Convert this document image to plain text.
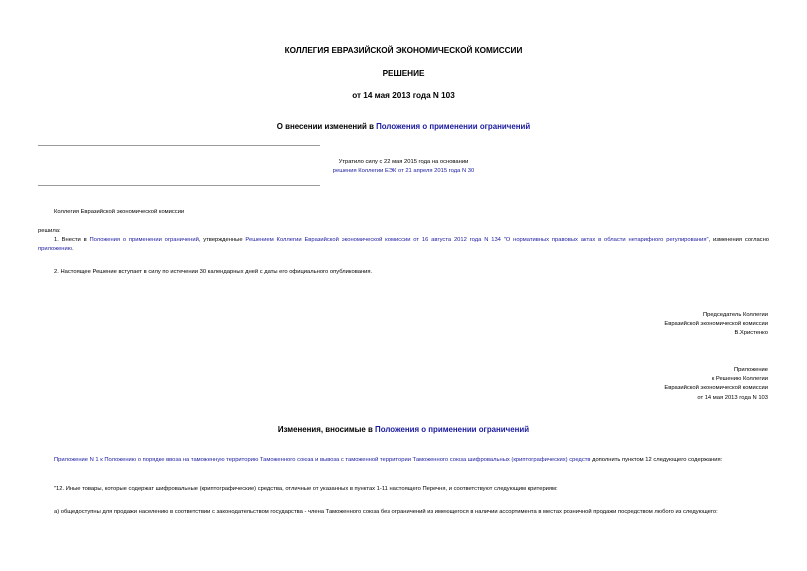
КОЛЛЕГИЯ ЕВРАЗИЙСКОЙ ЭКОНОМИЧЕСКОЙ КОМИССИИ
РЕШЕНИЕ
от 14 мая 2013 года N 103
О внесении изменений в Положения о применении ограничений
Утратило силу с 22 мая 2015 года на основании
решения Коллегии ЕЭК от 21 апреля 2015 года N 30
Коллегия Евразийской экономической комиссии
решила:
1. Внести в Положения о применении ограничений, утвержденные Решением Коллегии Евразийской экономической комиссии от 16 августа 2012 года N 134 "О нормативных правовых актах в области нетарифного регулирования", изменения согласно приложению.
2. Настоящее Решение вступает в силу по истечении 30 календарных дней с даты его официального опубликования.
Председатель Коллегии
Евразийской экономической комиссии
В.Христенко
Приложение
к Решению Коллегии
Евразийской экономической комиссии
от 14 мая 2013 года N 103
Изменения, вносимые в Положения о применении ограничений
Приложение N 1 к Положению о порядке ввоза на таможенную территорию Таможенного союза и вывоза с таможенной территории Таможенного союза шифровальных (криптографических) средств дополнить пунктом 12 следующего содержания:
"12. Иные товары, которые содержат шифровальные (криптографические) средства, отличные от указанных в пунктах 1-11 настоящего Перечня, и соответствуют следующим критериям:
а) общедоступны для продажи населению в соответствии с законодательством государства - члена Таможенного союза без ограничений из имеющегося в наличии ассортимента в местах розничной продажи посредством любого из следующего:
